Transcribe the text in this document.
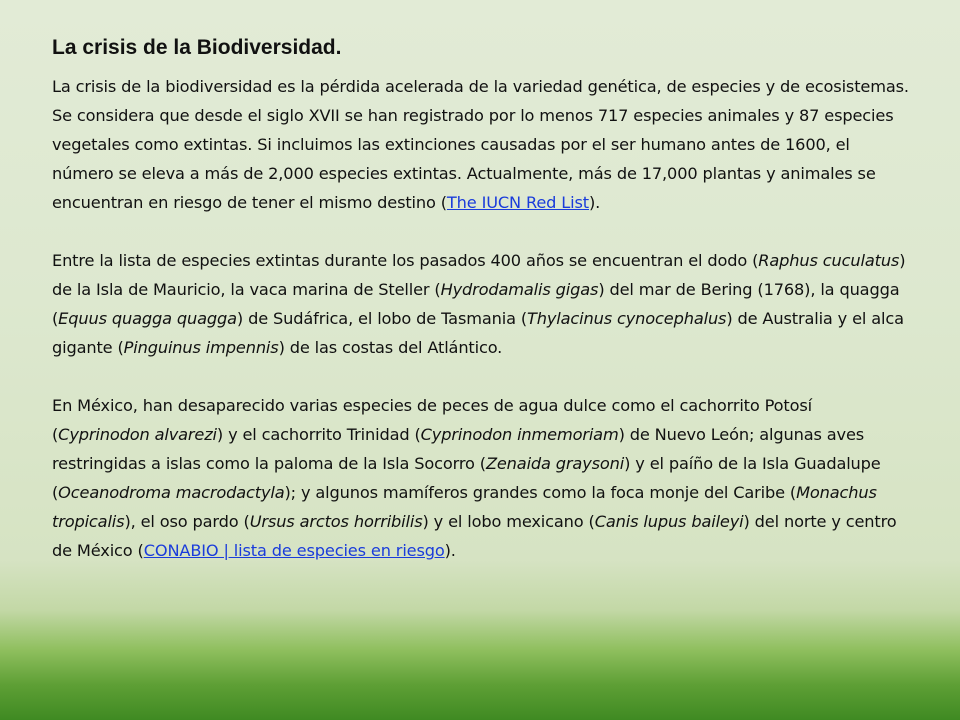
La crisis de la Biodiversidad.
La crisis de la biodiversidad es la pérdida acelerada de la variedad genética, de especies y de ecosistemas. Se considera que desde el siglo XVII se han registrado por lo menos 717 especies animales y 87 especies vegetales como extintas. Si incluimos las extinciones causadas por el ser humano antes de 1600, el número se eleva a más de 2,000 especies extintas. Actualmente, más de 17,000 plantas y animales se encuentran en riesgo de tener el mismo destino (The IUCN Red List).
Entre la lista de especies extintas durante los pasados 400 años se encuentran el dodo (Raphus cuculatus) de la Isla de Mauricio, la vaca marina de Steller (Hydrodamalis gigas) del mar de Bering (1768), la quagga (Equus quagga quagga) de Sudáfrica, el lobo de Tasmania (Thylacinus cynocephalus) de Australia y el alca gigante (Pinguinus impennis) de las costas del Atlántico.
En México, han desaparecido varias especies de peces de agua dulce como el cachorrito Potosí (Cyprinodon alvarezi) y el cachorrito Trinidad (Cyprinodon inmemoriam) de Nuevo León; algunas aves restringidas a islas como la paloma de la Isla Socorro (Zenaida graysoni) y el paíño de la Isla Guadalupe (Oceanodroma macrodactyla); y algunos mamíferos grandes como la foca monje del Caribe (Monachus tropicalis), el oso pardo (Ursus arctos horribilis) y el lobo mexicano (Canis lupus baileyi) del norte y centro de México (CONABIO | lista de especies en riesgo).
